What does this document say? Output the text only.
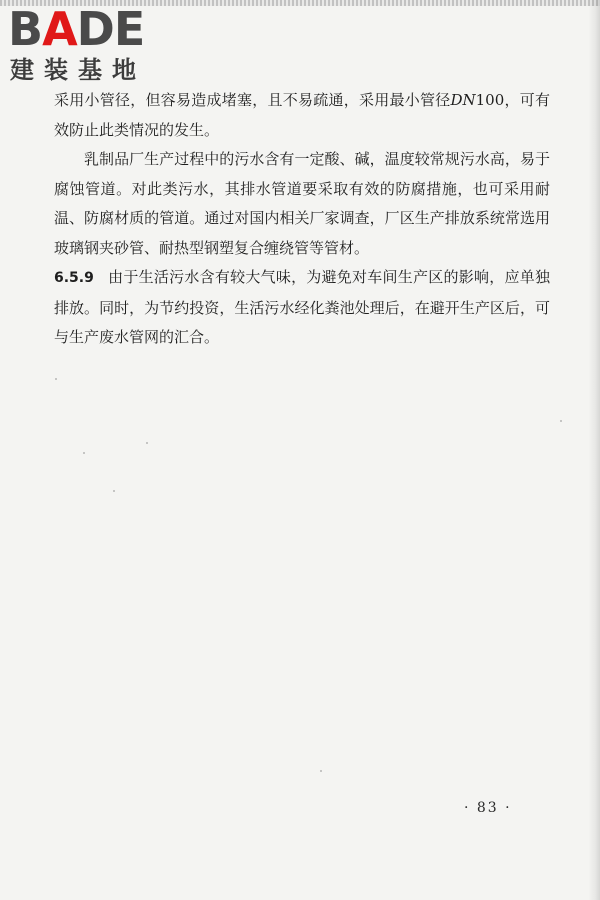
BADE
建装基地

采用小管径，但容易造成堵塞，且不易疏通，采用最小管径DN100，可有效防止此类情况的发生。

乳制品厂生产过程中的污水含有一定酸、碱，温度较常规污水高，易于腐蚀管道。对此类污水，其排水管道要采取有效的防腐措施，也可采用耐温、防腐材质的管道。通过对国内相关厂家调查，厂区生产排放系统常选用玻璃钢夹砂管、耐热型钢塑复合缠绕管等管材。

6.5.9 由于生活污水含有较大气味，为避免对车间生产区的影响，应单独排放。同时，为节约投资，生活污水经化粪池处理后，在避开生产区后，可与生产废水管网的汇合。

· 83 ·
